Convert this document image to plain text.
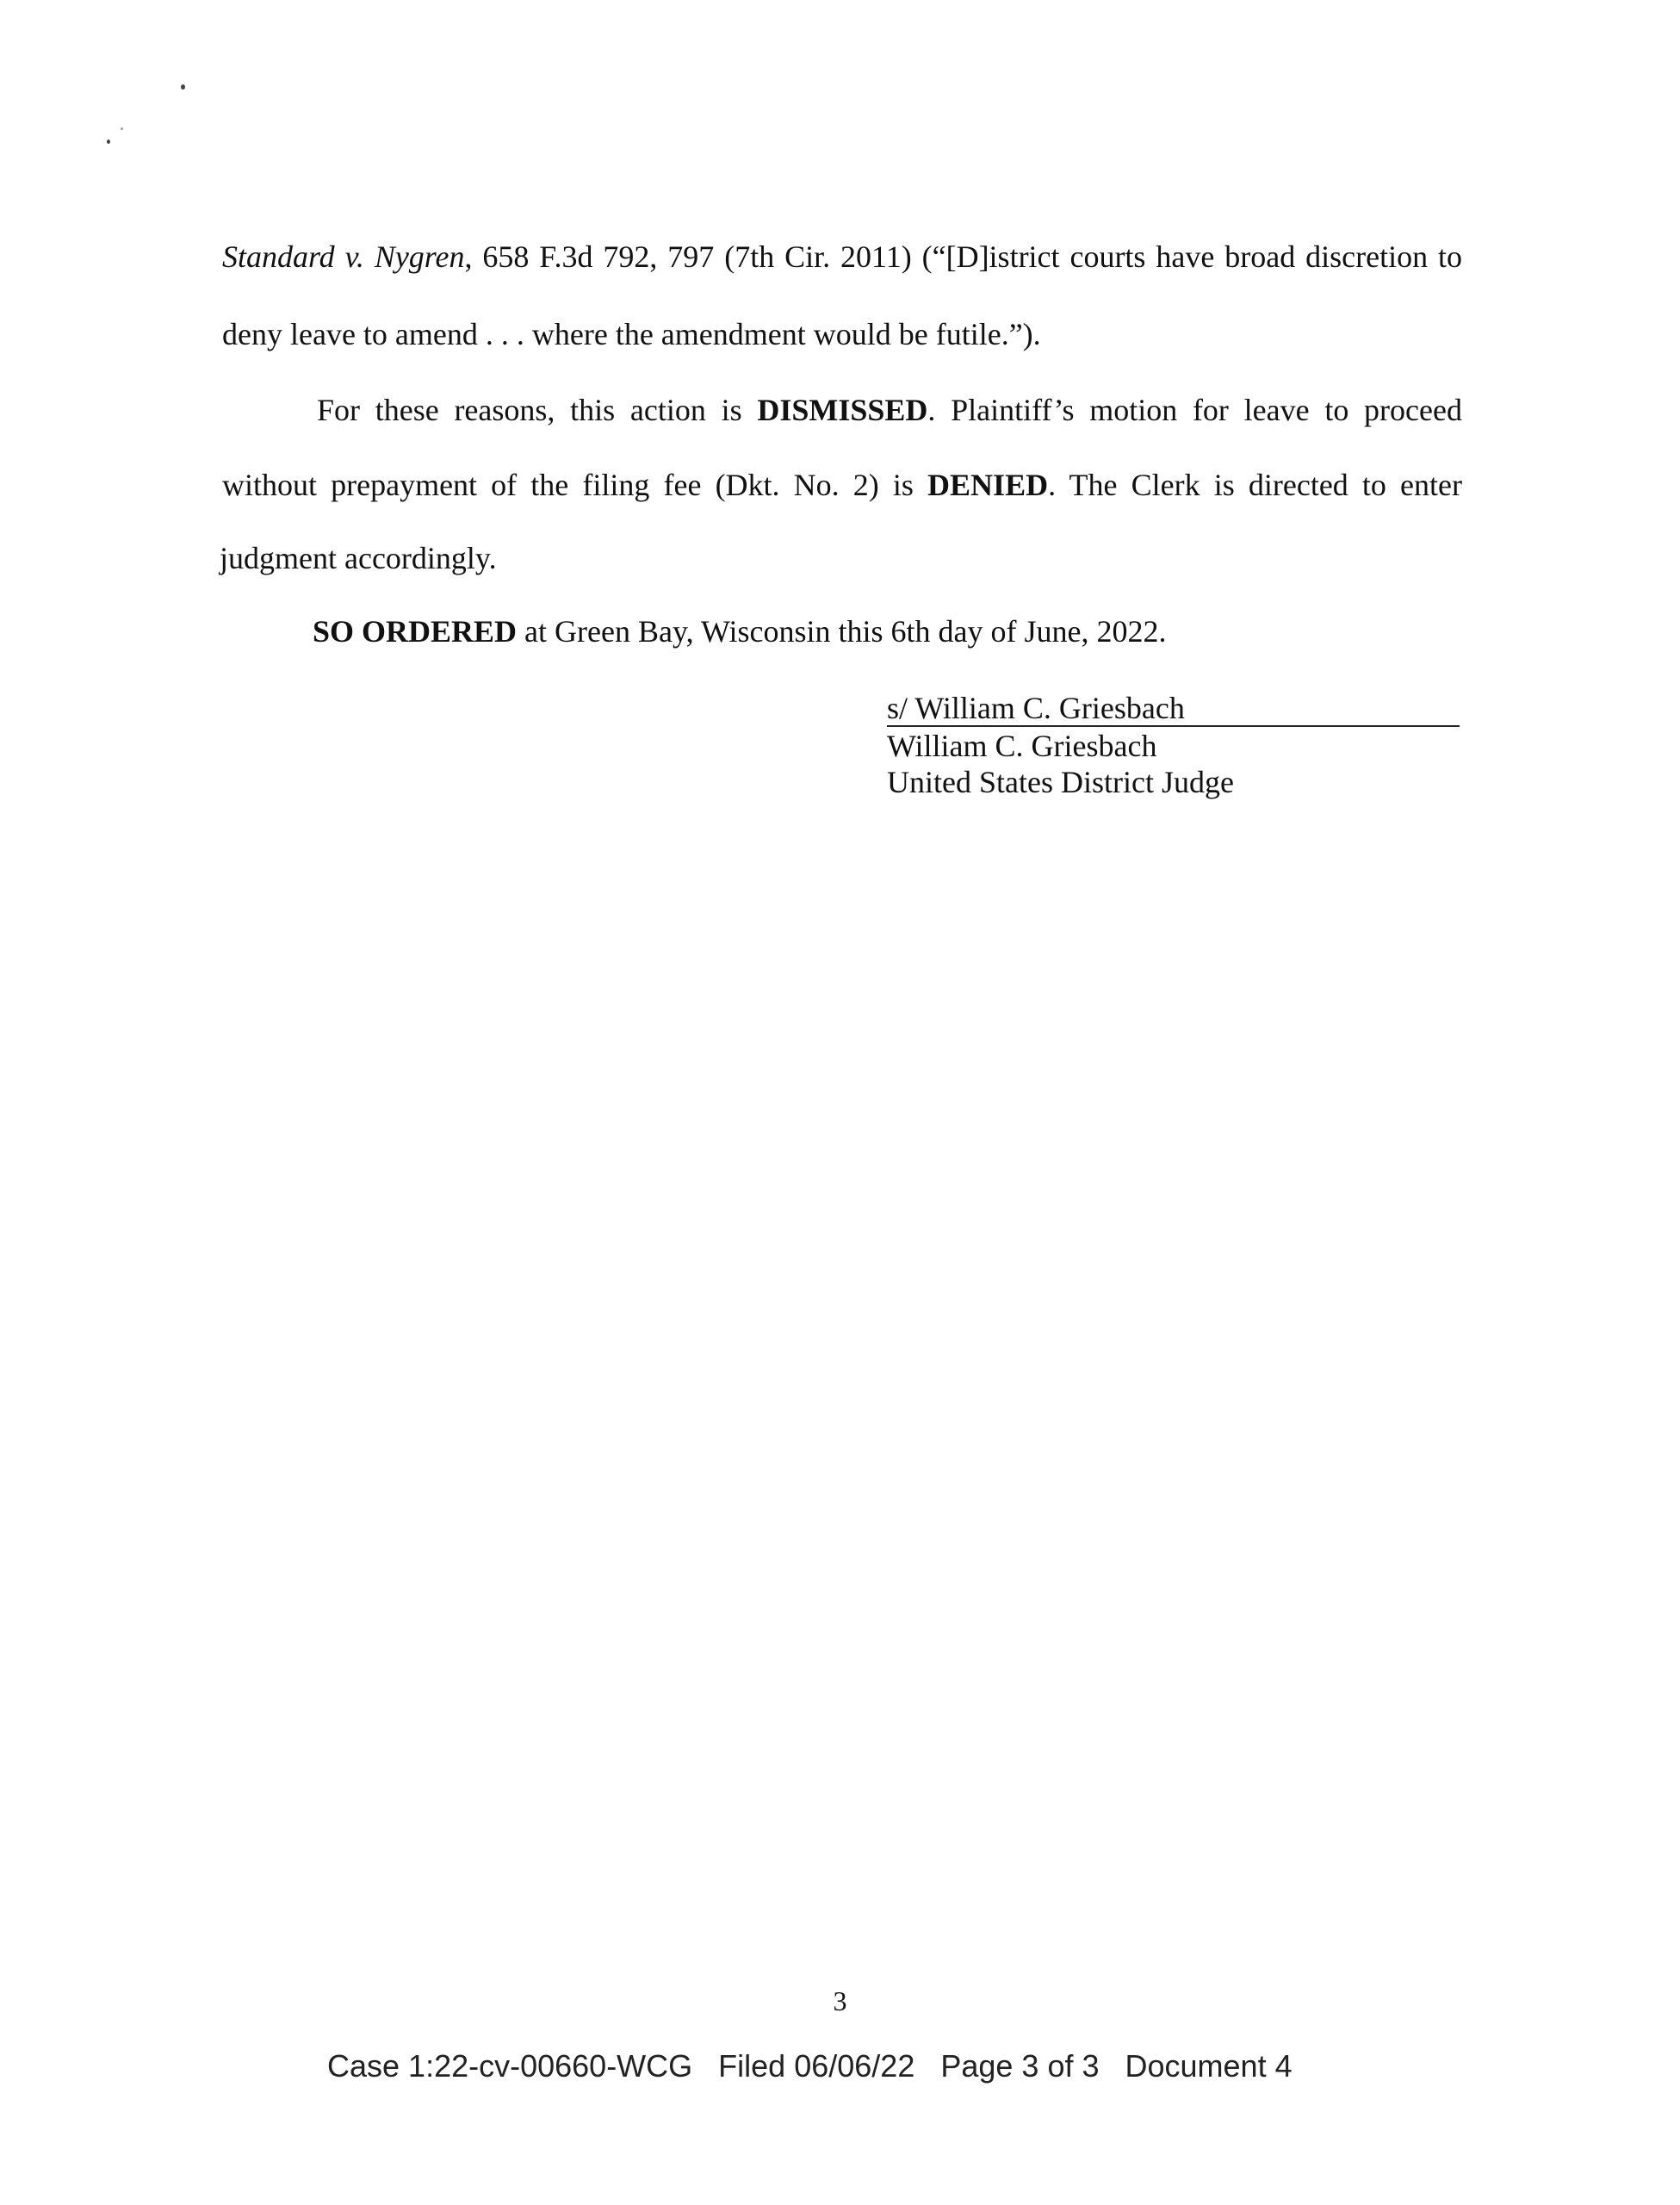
Standard v. Nygren, 658 F.3d 792, 797 (7th Cir. 2011) (“[D]istrict courts have broad discretion to
deny leave to amend . . . where the amendment would be futile.”).
For these reasons, this action is DISMISSED. Plaintiff’s motion for leave to proceed
without prepayment of the filing fee (Dkt. No. 2) is DENIED. The Clerk is directed to enter
judgment accordingly.
SO ORDERED at Green Bay, Wisconsin this 6th day of June, 2022.
s/ William C. Griesbach
William C. Griesbach
United States District Judge
3
Case 1:22-cv-00660-WCG Filed 06/06/22 Page 3 of 3 Document 4
